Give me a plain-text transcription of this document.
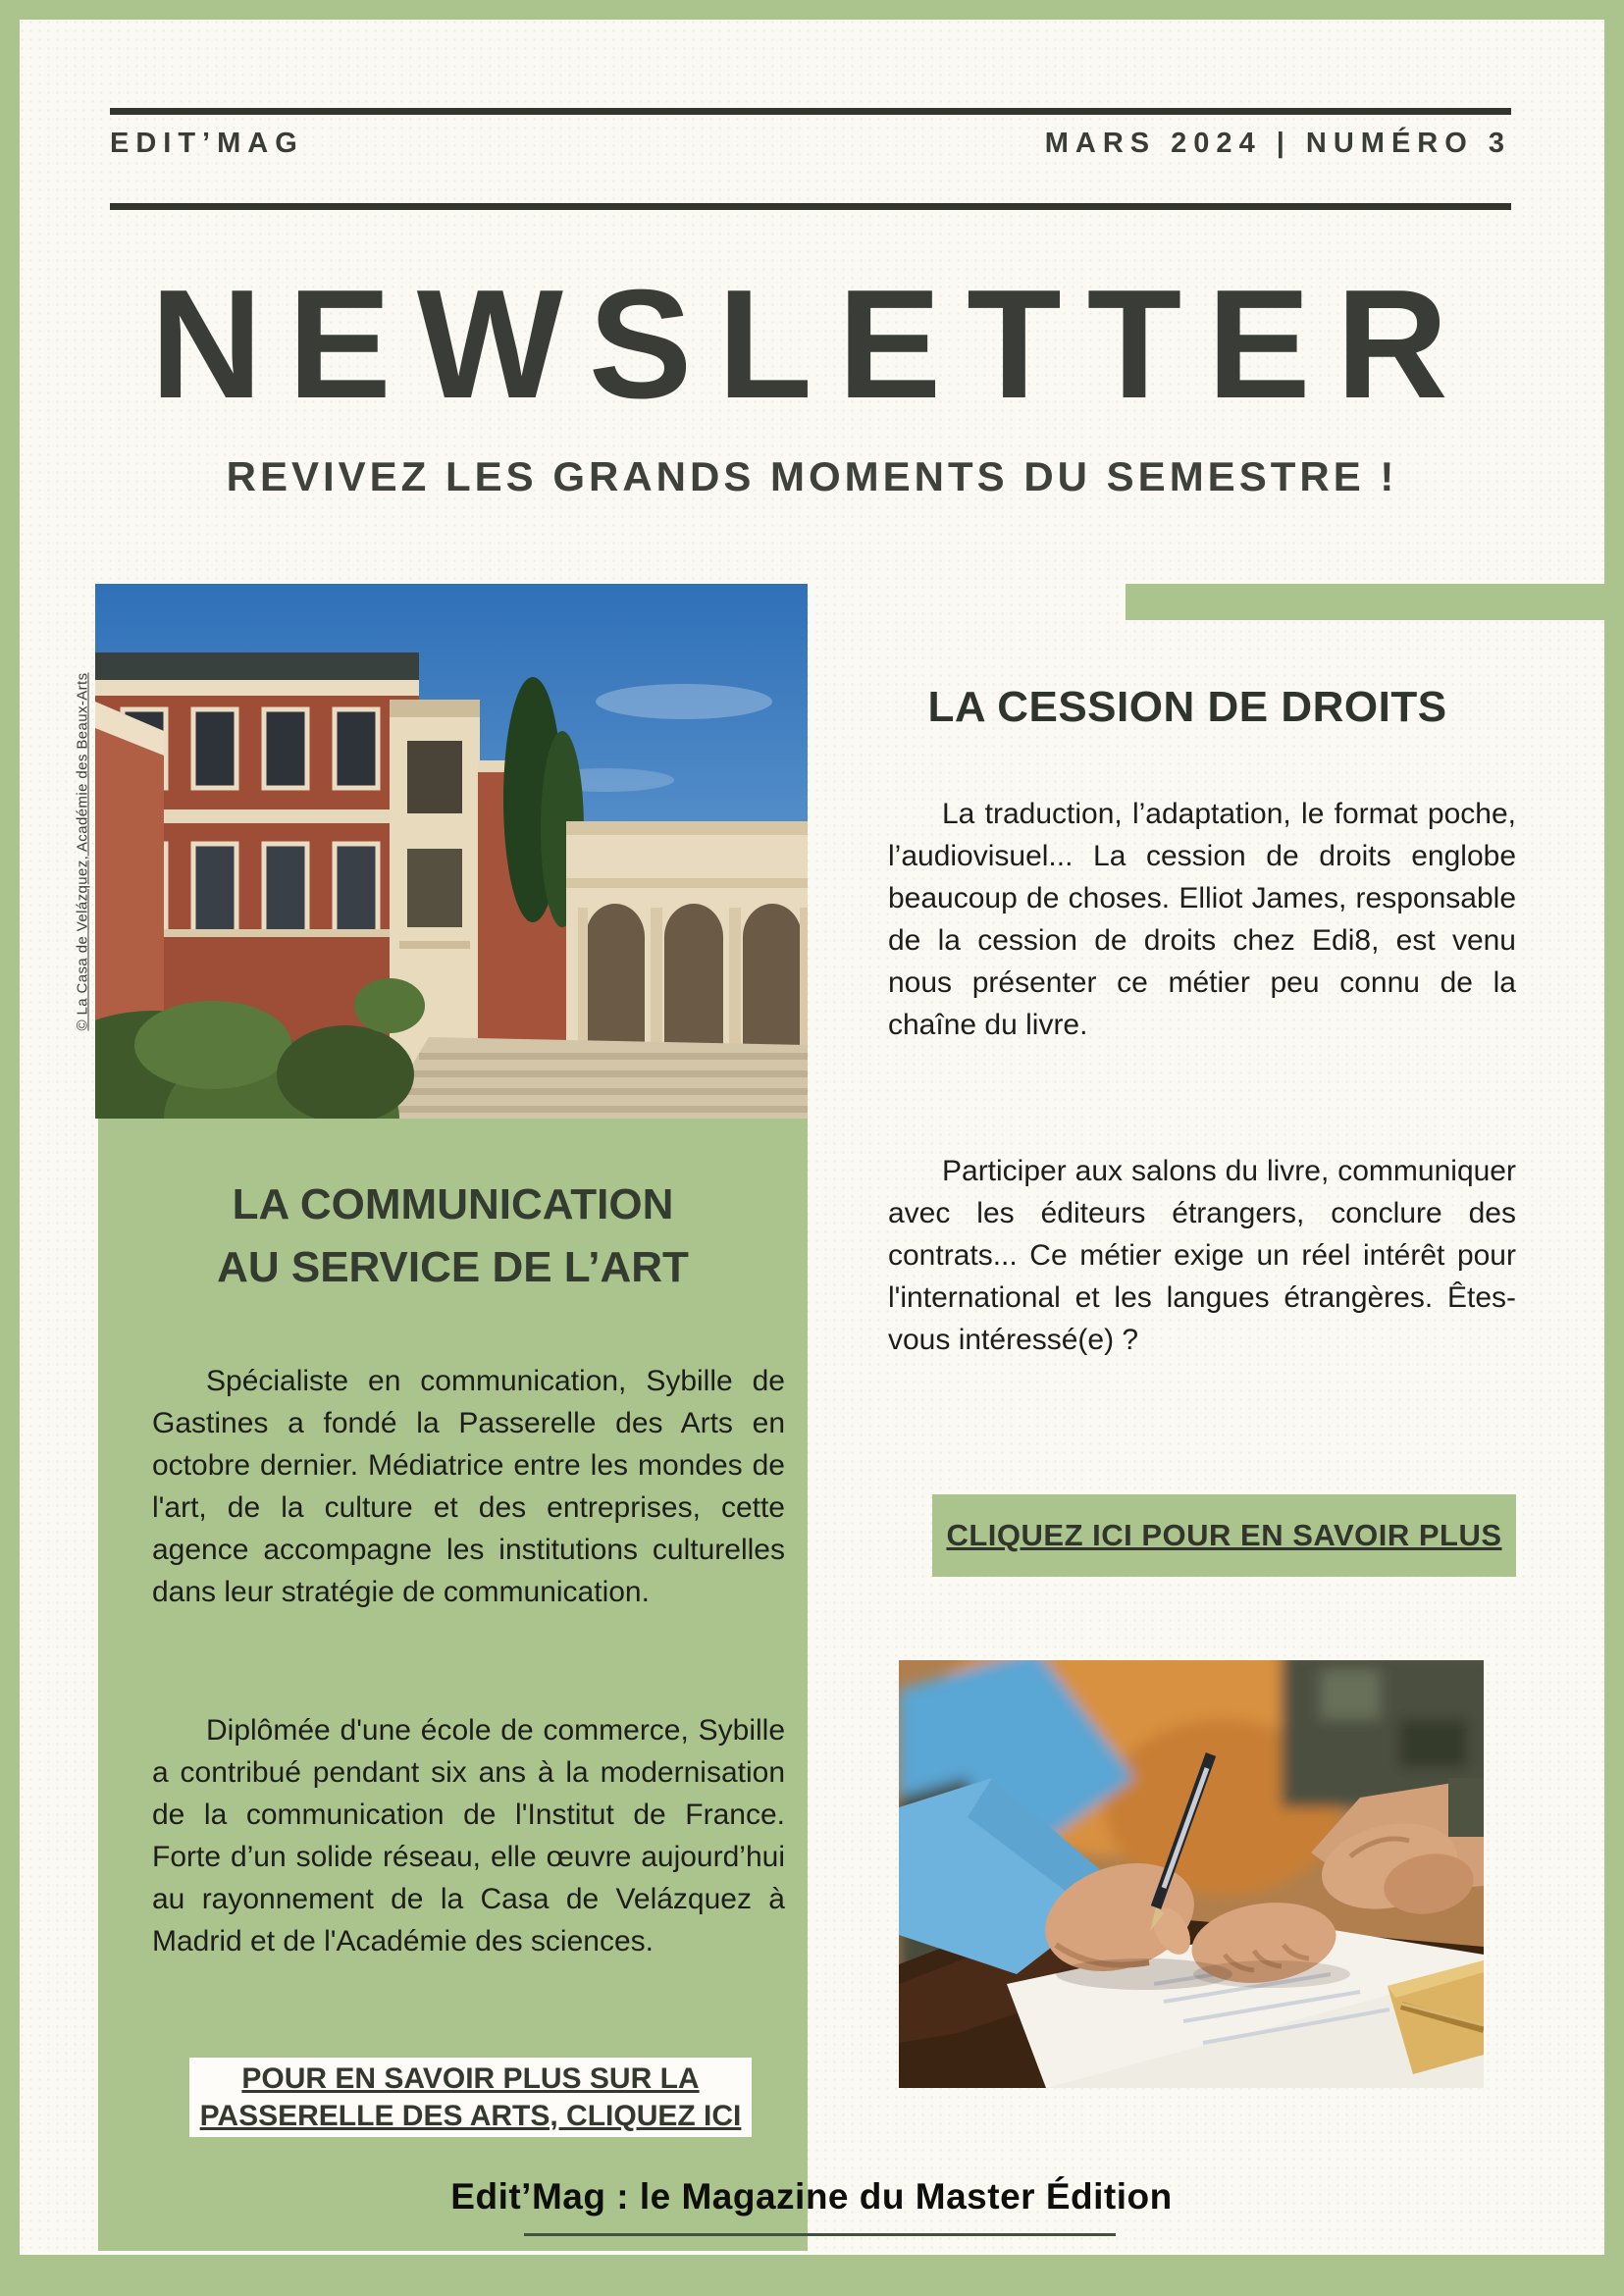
EDIT’MAG	MARS 2024 | NUMÉRO 3
NEWSLETTER
REVIVEZ LES GRANDS MOMENTS DU SEMESTRE !
© La Casa de Velázquez, Académie des Beaux-Arts	LA CESSION DE DROITS

La traduction, l’adaptation, le format poche, l’audiovisuel... La cession de droits englobe beaucoup de choses. Elliot James, responsable de la cession de droits chez Edi8, est venu nous présenter ce métier peu connu de la chaîne du livre.

Participer aux salons du livre, communiquer avec les éditeurs étrangers, conclure des contrats... Ce métier exige un réel intérêt pour l'international et les langues étrangères. Êtes-vous intéressé(e) ?

CLIQUEZ ICI POUR EN SAVOIR PLUS
LA COMMUNICATION
AU SERVICE DE L’ART

Spécialiste en communication, Sybille de Gastines a fondé la Passerelle des Arts en octobre dernier. Médiatrice entre les mondes de l'art, de la culture et des entreprises, cette agence accompagne les institutions culturelles dans leur stratégie de communication.

Diplômée d'une école de commerce, Sybille a contribué pendant six ans à la modernisation de la communication de l'Institut de France. Forte d’un solide réseau, elle œuvre aujourd’hui au rayonnement de la Casa de Velázquez à Madrid et de l'Académie des sciences.

POUR EN SAVOIR PLUS SUR LA
PASSERELLE DES ARTS, CLIQUEZ ICI
Edit’Mag : le Magazine du Master Édition
